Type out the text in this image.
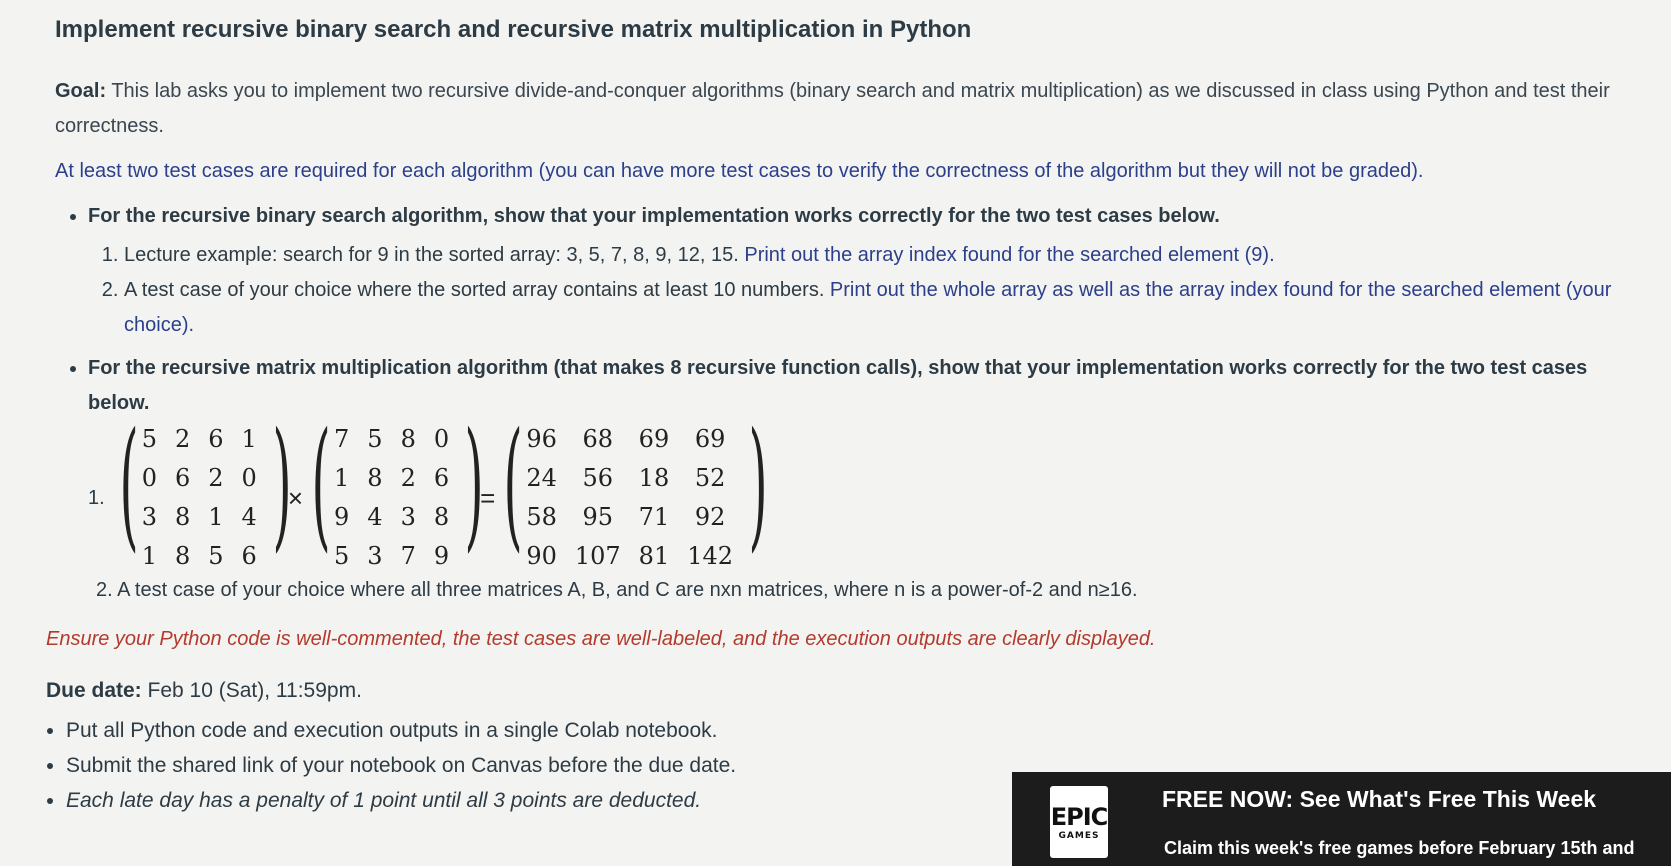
Implement recursive binary search and recursive matrix multiplication in Python
Goal: This lab asks you to implement two recursive divide-and-conquer algorithms (binary search and matrix multiplication) as we discussed in class using Python and test their correctness.
At least two test cases are required for each algorithm (you can have more test cases to verify the correctness of the algorithm but they will not be graded).
• For the recursive binary search algorithm, show that your implementation works correctly for the two test cases below.
1. Lecture example: search for 9 in the sorted array: 3, 5, 7, 8, 9, 12, 15. Print out the array index found for the searched element (9).
2. A test case of your choice where the sorted array contains at least 10 numbers. Print out the whole array as well as the array index found for the searched element (your choice).
• For the recursive matrix multiplication algorithm (that makes 8 recursive function calls), show that your implementation works correctly for the two test cases below.
1. ( 5	2	6	1
0	6	2	0
3	8	1	4
1	8	5	6 )
× ( 7	5	8	0
1	8	2	6
9	4	3	8
5	3	7	9 )
= ( 96	68	69	69
24	56	18	52
58	95	71	92
90	107	81	142 )
2. A test case of your choice where all three matrices A, B, and C are nxn matrices, where n is a power-of-2 and n≥16.
Ensure your Python code is well-commented, the test cases are well-labeled, and the execution outputs are clearly displayed.
Due date: Feb 10 (Sat), 11:59pm.
• Put all Python code and execution outputs in a single Colab notebook.
• Submit the shared link of your notebook on Canvas before the due date.
• Each late day has a penalty of 1 point until all 3 points are deducted.
EPIC
GAMES
FREE NOW: See What's Free This Week
Claim this week's free games before February 15th and
